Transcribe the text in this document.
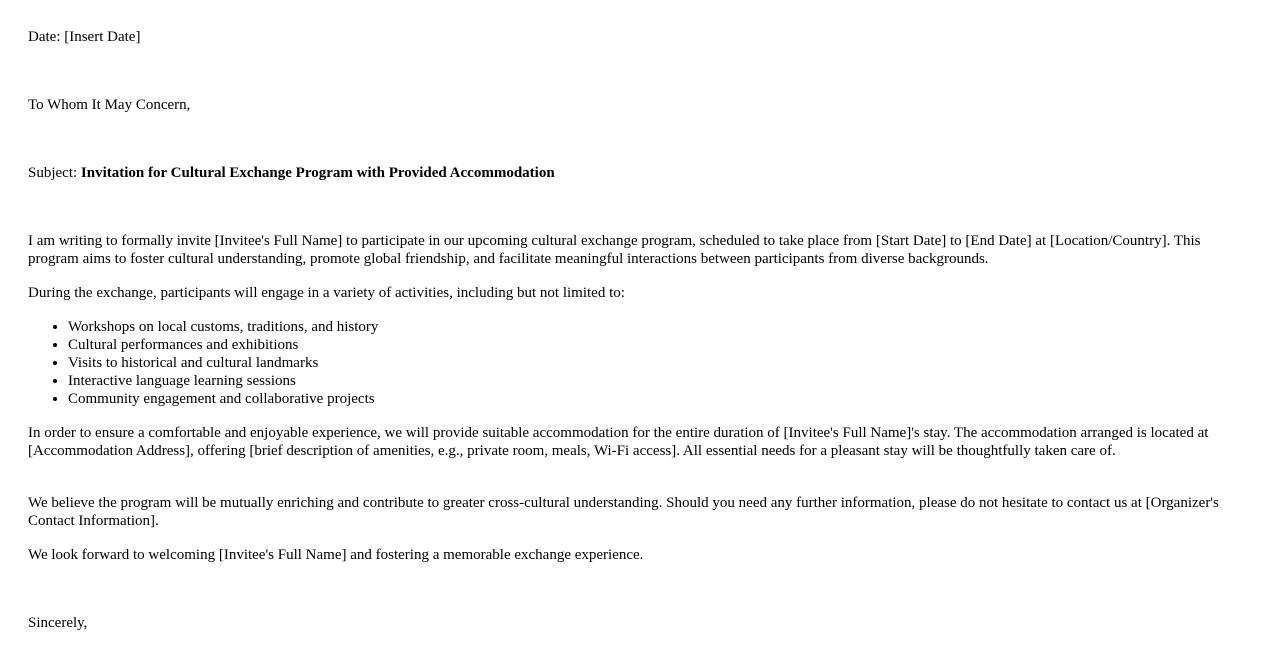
Date: [Insert Date]

To Whom It May Concern,

Subject: Invitation for Cultural Exchange Program with Provided Accommodation

I am writing to formally invite [Invitee's Full Name] to participate in our upcoming cultural exchange program, scheduled to take place from [Start Date] to [End Date] at [Location/Country]. This program aims to foster cultural understanding, promote global friendship, and facilitate meaningful interactions between participants from diverse backgrounds.

During the exchange, participants will engage in a variety of activities, including but not limited to:

• Workshops on local customs, traditions, and history
• Cultural performances and exhibitions
• Visits to historical and cultural landmarks
• Interactive language learning sessions
• Community engagement and collaborative projects

In order to ensure a comfortable and enjoyable experience, we will provide suitable accommodation for the entire duration of [Invitee's Full Name]'s stay. The accommodation arranged is located at [Accommodation Address], offering [brief description of amenities, e.g., private room, meals, Wi-Fi access]. All essential needs for a pleasant stay will be thoughtfully taken care of.

We believe the program will be mutually enriching and contribute to greater cross-cultural understanding. Should you need any further information, please do not hesitate to contact us at [Organizer's Contact Information].

We look forward to welcoming [Invitee's Full Name] and fostering a memorable exchange experience.

Sincerely,
